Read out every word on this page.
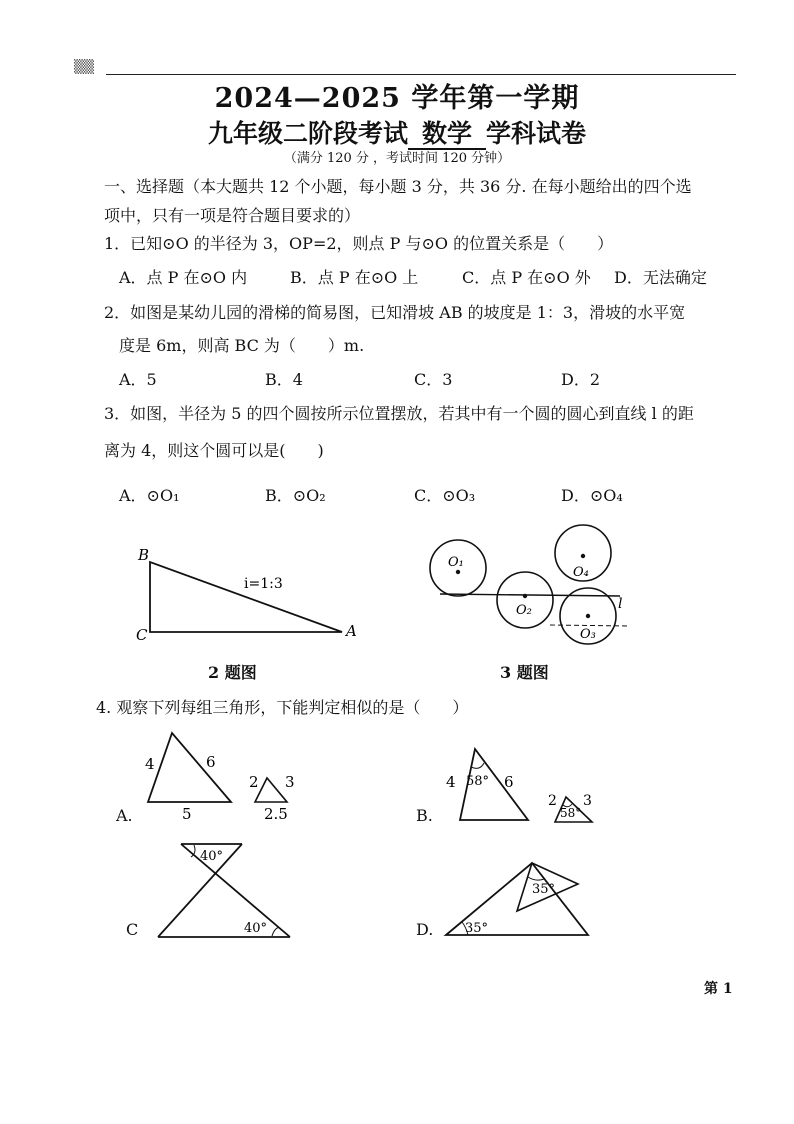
▒▒
2024—2025 学年第一学期
九年级二阶段考试 数学 学科试卷
（满分 120 分 ，考试时间 120 分钟）
一、选择题（本大题共 12 个小题，每小题 3 分，共 36 分. 在每小题给出的四个选
项中，只有一项是符合题目要求的）
1．已知⊙O 的半径为 3，OP=2，则点 P 与⊙O 的位置关系是（　　）
A．点 P 在⊙O 内	B．点 P 在⊙O 上	C．点 P 在⊙O 外 D．无法确定
2．如图是某幼儿园的滑梯的简易图，已知滑坡 AB 的坡度是 1：3，滑坡的水平宽
度是 6m，则高 BC 为（　　）m.
A．5	B．4	C．3	D．2
3．如图，半径为 5 的四个圆按所示位置摆放，若其中有一个圆的圆心到直线 l 的距
离为 4，则这个圆可以是(　　)
A．⊙O₁	B．⊙O₂	C．⊙O₃	D．⊙O₄
B
C	A
i=1:3
2 题图
O₁
O₂
O₃
O₄
l
3 题图
4. 观察下列每组三角形，下能判定相似的是（　　）
4	6
5
2 3
2.5
A.
4	6
58°
2 3
58°
B.
40°
40°
C	35°
35°
D.
第 1
